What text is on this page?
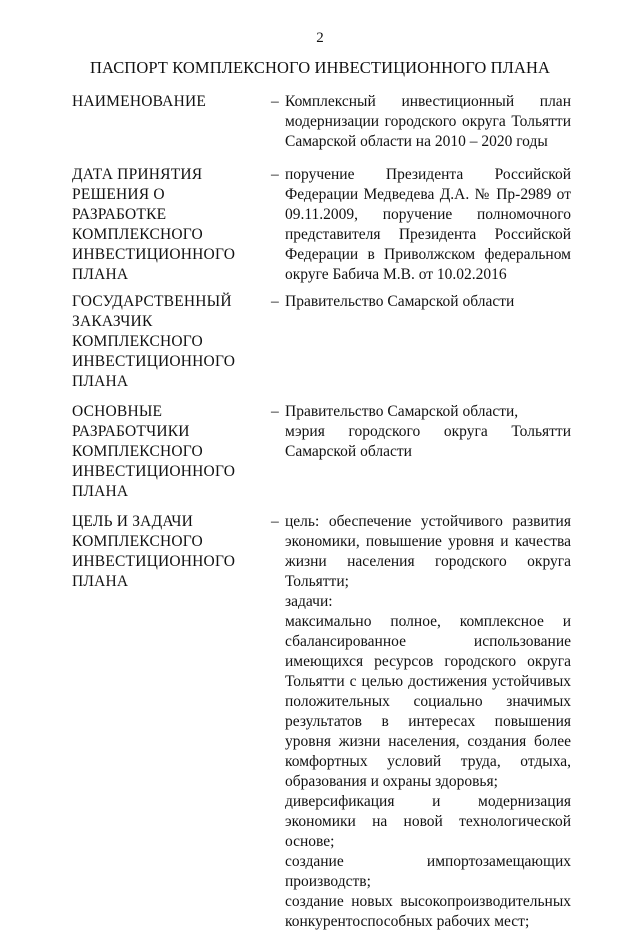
2
ПАСПОРТ КОМПЛЕКСНОГО ИНВЕСТИЦИОННОГО ПЛАНА
НАИМЕНОВАНИЕ	– Комплексный инвестиционный план модернизации городского округа Тольятти Самарской области на 2010 – 2020 годы
ДАТА ПРИНЯТИЯ
РЕШЕНИЯ О
РАЗРАБОТКЕ
КОМПЛЕКСНОГО
ИНВЕСТИЦИОННОГО
ПЛАНА
– поручение Президента Российской Федерации Медведева Д.А. № Пр-2989 от 09.11.2009, поручение полномочного представителя Президента Российской Федерации в Приволжском федеральном округе Бабича М.В. от 10.02.2016
ГОСУДАРСТВЕННЫЙ
ЗАКАЗЧИК
КОМПЛЕКСНОГО
ИНВЕСТИЦИОННОГО
ПЛАНА
– Правительство Самарской области
ОСНОВНЫЕ
РАЗРАБОТЧИКИ
КОМПЛЕКСНОГО
ИНВЕСТИЦИОННОГО
ПЛАНА
– Правительство Самарской области,

мэрия городского округа Тольятти Самарской области

ЦЕЛЬ И ЗАДАЧИ
КОМПЛЕКСНОГО
ИНВЕСТИЦИОННОГО
ПЛАНА
– цель: обеспечение устойчивого развития экономики, повышение уровня и качества жизни населения городского округа Тольятти;

задачи:

максимально полное, комплексное и сбалансированное использование имеющихся ресурсов городского округа Тольятти с целью достижения устойчивых положительных социально значимых результатов в интересах повышения уровня жизни населения, создания более комфортных условий труда, отдыха, образования и охраны здоровья;

диверсификация и модернизация экономики на новой технологической основе;

создание импортозамещающих производств;

создание новых высокопроизводительных конкурентоспособных рабочих мест;
